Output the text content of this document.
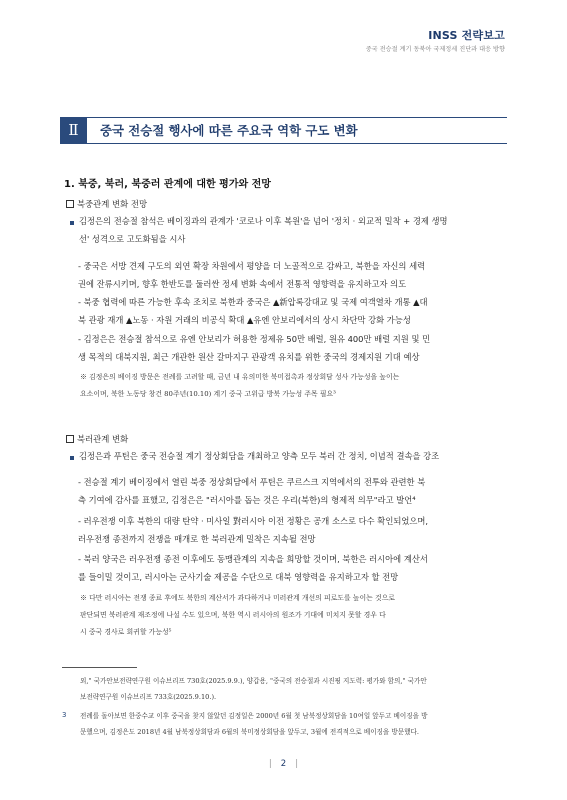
INSS 전략보고
중국 전승절 계기 동북아 국제정세 진단과 대응 방향
Ⅱ	중국 전승절 행사에 따른 주요국 역학 구도 변화
1. 북중, 북러, 북중러 관계에 대한 평가와 전망
북중관계 변화 전망
김정은의 전승절 참석은 베이징과의 관계가 '코로나 이후 복원'을 넘어 '정치 · 외교적 밀착 + 경제 생명
선' 성격으로 고도화됨을 시사
- 중국은 서방 견제 구도의 외연 확장 차원에서 평양을 더 노골적으로 감싸고, 북한을 자신의 세력
권에 잔류시키며, 향후 한반도를 둘러싼 정세 변화 속에서 전통적 영향력을 유지하고자 의도
- 북중 협력에 따른 가능한 후속 조치로 북한과 중국은 ▲新압록강대교 및 국제 여객열차 개통 ▲대
북 관광 재개 ▲노동 · 자원 거래의 비공식 확대 ▲유엔 안보리에서의 상시 차단막 강화 가능성
- 김정은은 전승절 참석으로 유엔 안보리가 허용한 정제유 50만 배럴, 원유 400만 배럴 지원 및 민
생 목적의 대북지원, 최근 개관한 원산 갈마지구 관광객 유치를 위한 중국의 경제지원 기대 예상
※ 김정은의 베이징 방문은 전례를 고려할 때, 금년 내 유의미한 북미접촉과 정상회담 성사 가능성을 높이는
요소이며, 북한 노동당 창건 80주년(10.10) 계기 중국 고위급 방북 가능성 주목 필요³
북러관계 변화
김정은과 푸틴은 중국 전승절 계기 정상회담을 개최하고 양측 모두 북러 간 정치, 이념적 결속을 강조
- 전승절 계기 베이징에서 열린 북중 정상회담에서 푸틴은 쿠르스크 지역에서의 전투와 관련한 북
측 기여에 감사를 표했고, 김정은은 "러시아를 돕는 것은 우리(북한)의 형제적 의무"라고 발언⁴
- 러우전쟁 이후 북한의 대량 탄약 · 미사일 對러시아 이전 정황은 공개 소스로 다수 확인되었으며,
러우전쟁 종전까지 전쟁을 매개로 한 북러관계 밀착은 지속될 전망
- 북러 양국은 러우전쟁 종전 이후에도 동맹관계의 지속을 희망할 것이며, 북한은 러시아에 계산서
를 들이밀 것이고, 러시아는 군사기술 제공을 수단으로 대북 영향력을 유지하고자 할 전망
※ 다만 러시아는 전쟁 종료 후에도 북한의 계산서가 과다하거나 미러관계 개선의 피로도를 높이는 것으로
판단되면 북러관계 재조정에 나설 수도 있으며, 북한 역시 러시아의 원조가 기대에 미치지 못할 경우 다
시 중국 경사로 회귀할 가능성⁵
외," 국가안보전략연구원 이슈브리프 730호(2025.9.9.), 양갑용, "중국의 전승절과 시진핑 지도력: 평가와 함의," 국가안
보전략연구원 이슈브리프 733호(2025.9.10.).
3 전례를 돌아보면 한중수교 이후 중국을 찾지 않았던 김정일은 2000년 6월 첫 남북정상회담을 10여일 앞두고 베이징을 방
문했으며, 김정은도 2018년 4월 남북정상회담과 6월의 북미정상회담을 앞두고, 3월에 전격적으로 베이징을 방문했다.
| 2 |
